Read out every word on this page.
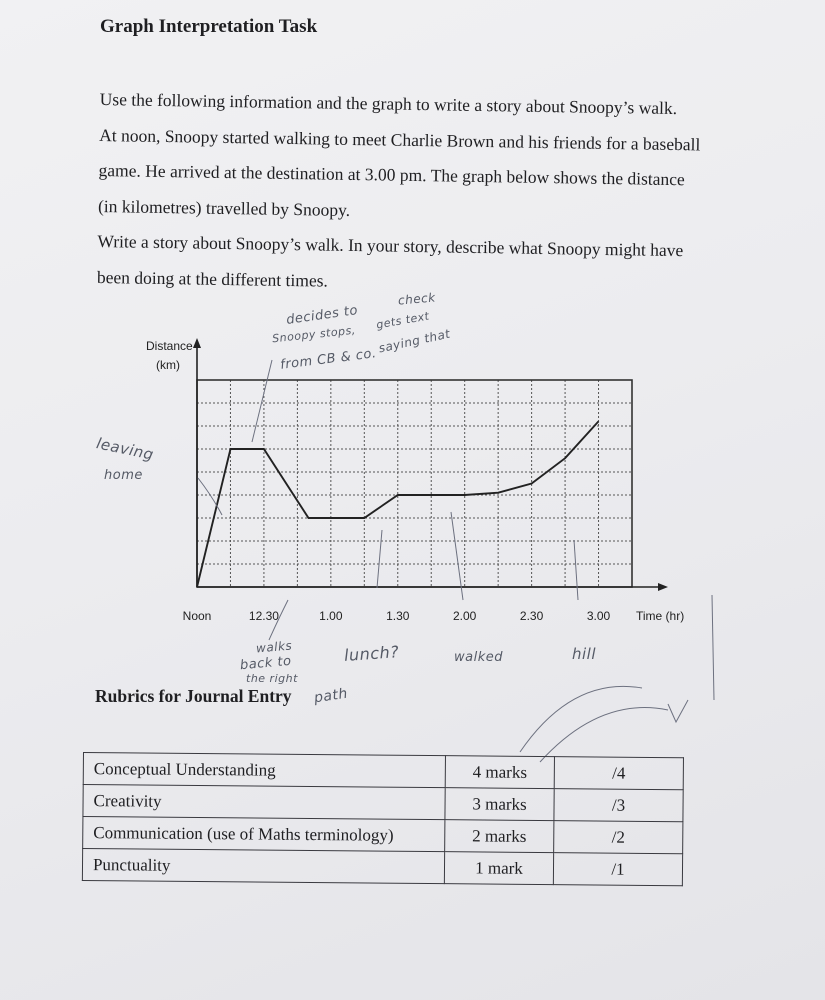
Graph Interpretation Task

Use the following information and the graph to write a story about Snoopy’s walk.

At noon, Snoopy started walking to meet Charlie Brown and his friends for a baseball

game. He arrived at the destination at 3.00 pm. The graph below shows the distance

(in kilometres) travelled by Snoopy.

Write a story about Snoopy’s walk. In your story, describe what Snoopy might have

been doing at the different times.

Noon	12.30	1.00	1.30	2.00	2.30	3.00
Distance
(km)
Time (hr)
decides to
Snoopy stops,
check
gets text
from CB & co.
saying that
leaving
home
walks
back to
the right
path
lunch?	walked	hill
Rubrics for Journal Entry
Conceptual Understanding	4 marks	/4
Creativity	3 marks	/3
Communication (use of Maths terminology)	2 marks	/2
Punctuality	1 mark	/1
